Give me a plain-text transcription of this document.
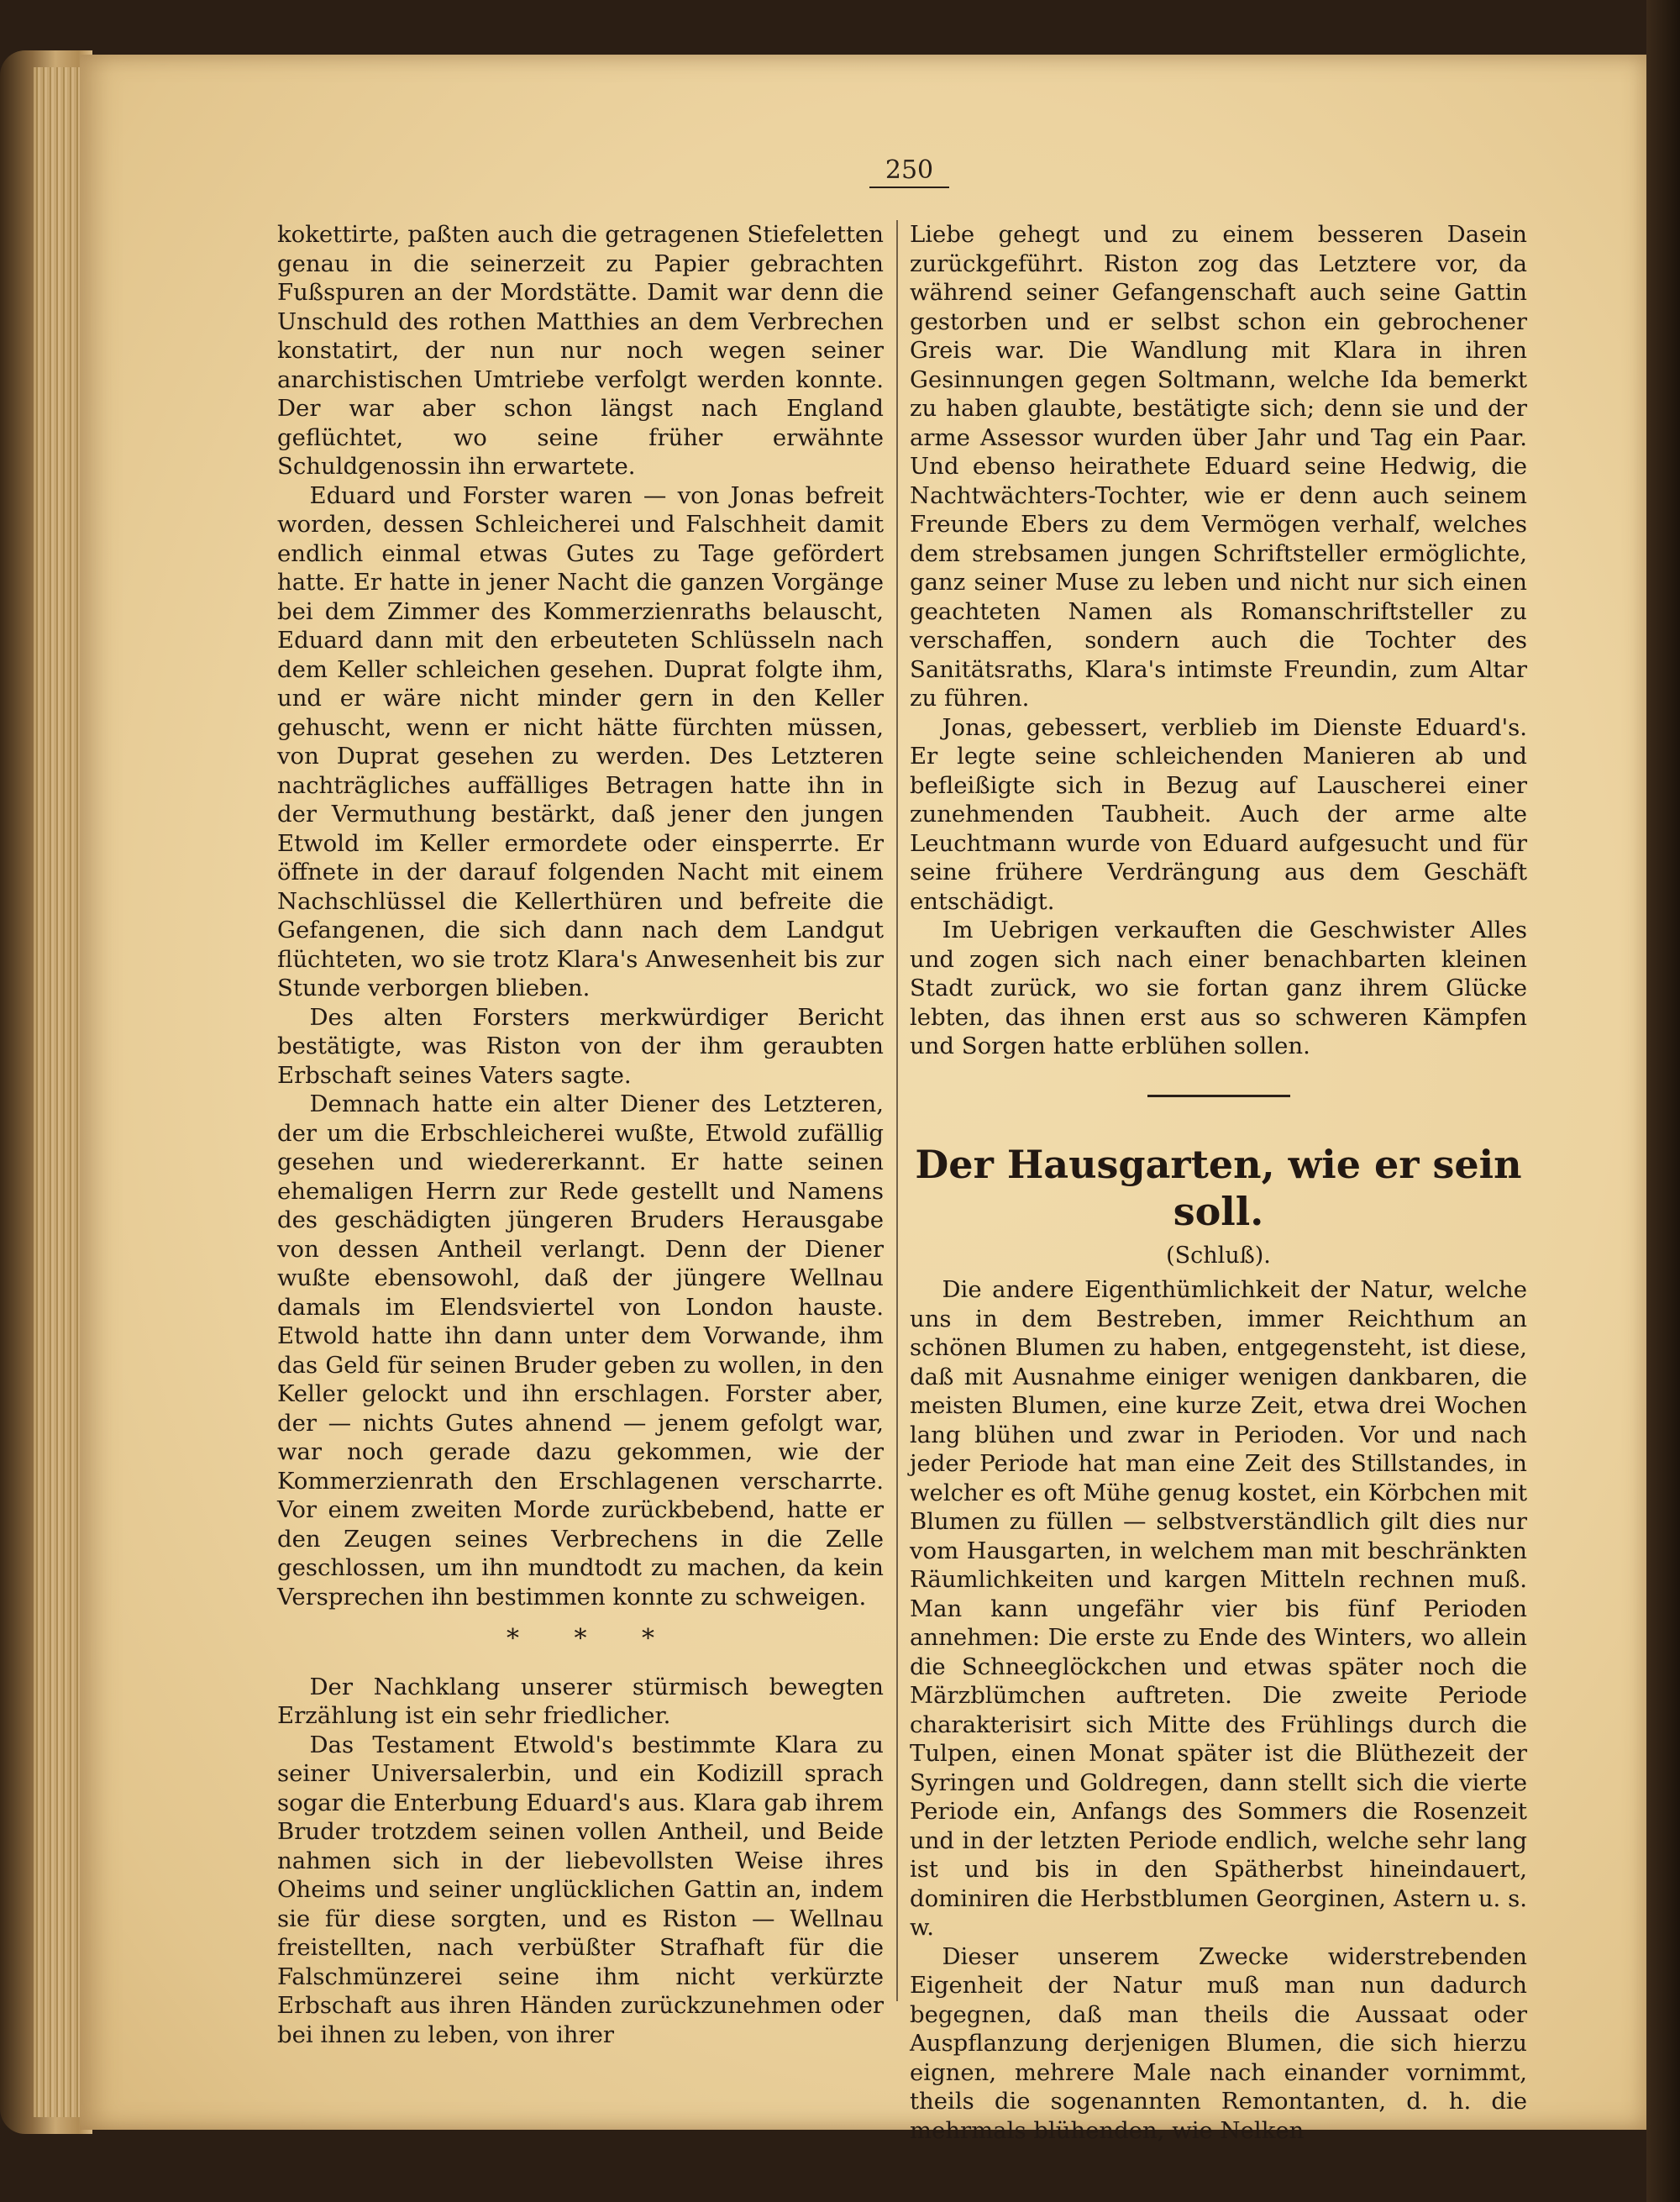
250

kokettirte, paßten auch die getragenen Stiefeletten genau in die seinerzeit zu Papier gebrachten Fußspuren an der Mordstätte. Damit war denn die Unschuld des rothen Matthies an dem Verbrechen konstatirt, der nun nur noch wegen seiner anarchistischen Umtriebe verfolgt werden konnte. Der war aber schon längst nach England geflüchtet, wo seine früher erwähnte Schuldgenossin ihn erwartete.

Eduard und Forster waren — von Jonas befreit worden, dessen Schleicherei und Falschheit damit endlich einmal etwas Gutes zu Tage gefördert hatte. Er hatte in jener Nacht die ganzen Vorgänge bei dem Zimmer des Kommerzienraths belauscht, Eduard dann mit den erbeuteten Schlüsseln nach dem Keller schleichen gesehen. Duprat folgte ihm, und er wäre nicht minder gern in den Keller gehuscht, wenn er nicht hätte fürchten müssen, von Duprat gesehen zu werden. Des Letzteren nachträgliches auffälliges Betragen hatte ihn in der Vermuthung bestärkt, daß jener den jungen Etwold im Keller ermordete oder einsperrte. Er öffnete in der darauf folgenden Nacht mit einem Nachschlüssel die Kellerthüren und befreite die Gefangenen, die sich dann nach dem Landgut flüchteten, wo sie trotz Klara's Anwesenheit bis zur Stunde verborgen blieben.

Des alten Forsters merkwürdiger Bericht bestätigte, was Riston von der ihm geraubten Erbschaft seines Vaters sagte.

Demnach hatte ein alter Diener des Letzteren, der um die Erbschleicherei wußte, Etwold zufällig gesehen und wiedererkannt. Er hatte seinen ehemaligen Herrn zur Rede gestellt und Namens des geschädigten jüngeren Bruders Herausgabe von dessen Antheil verlangt. Denn der Diener wußte ebensowohl, daß der jüngere Wellnau damals im Elendsviertel von London hauste. Etwold hatte ihn dann unter dem Vorwande, ihm das Geld für seinen Bruder geben zu wollen, in den Keller gelockt und ihn erschlagen. Forster aber, der — nichts Gutes ahnend — jenem gefolgt war, war noch gerade dazu gekommen, wie der Kommerzienrath den Erschlagenen verscharrte. Vor einem zweiten Morde zurückbebend, hatte er den Zeugen seines Verbrechens in die Zelle geschlossen, um ihn mundtodt zu machen, da kein Versprechen ihn bestimmen konnte zu schweigen.

* * *

Der Nachklang unserer stürmisch bewegten Erzählung ist ein sehr friedlicher.

Das Testament Etwold's bestimmte Klara zu seiner Universalerbin, und ein Kodizill sprach sogar die Enterbung Eduard's aus. Klara gab ihrem Bruder trotzdem seinen vollen Antheil, und Beide nahmen sich in der liebevollsten Weise ihres Oheims und seiner unglücklichen Gattin an, indem sie für diese sorgten, und es Riston — Wellnau freistellten, nach verbüßter Strafhaft für die Falschmünzerei seine ihm nicht verkürzte Erbschaft aus ihren Händen zurückzunehmen oder bei ihnen zu leben, von ihrer

Liebe gehegt und zu einem besseren Dasein zurückgeführt. Riston zog das Letztere vor, da während seiner Gefangenschaft auch seine Gattin gestorben und er selbst schon ein gebrochener Greis war. Die Wandlung mit Klara in ihren Gesinnungen gegen Soltmann, welche Ida bemerkt zu haben glaubte, bestätigte sich; denn sie und der arme Assessor wurden über Jahr und Tag ein Paar. Und ebenso heirathete Eduard seine Hedwig, die Nachtwächters-Tochter, wie er denn auch seinem Freunde Ebers zu dem Vermögen verhalf, welches dem strebsamen jungen Schriftsteller ermöglichte, ganz seiner Muse zu leben und nicht nur sich einen geachteten Namen als Romanschriftsteller zu verschaffen, sondern auch die Tochter des Sanitätsraths, Klara's intimste Freundin, zum Altar zu führen.

Jonas, gebessert, verblieb im Dienste Eduard's. Er legte seine schleichenden Manieren ab und befleißigte sich in Bezug auf Lauscherei einer zunehmenden Taubheit. Auch der arme alte Leuchtmann wurde von Eduard aufgesucht und für seine frühere Verdrängung aus dem Geschäft entschädigt.

Im Uebrigen verkauften die Geschwister Alles und zogen sich nach einer benachbarten kleinen Stadt zurück, wo sie fortan ganz ihrem Glücke lebten, das ihnen erst aus so schweren Kämpfen und Sorgen hatte erblühen sollen.

Der Hausgarten, wie er sein soll.
(Schluß).

Die andere Eigenthümlichkeit der Natur, welche uns in dem Bestreben, immer Reichthum an schönen Blumen zu haben, entgegensteht, ist diese, daß mit Ausnahme einiger wenigen dankbaren, die meisten Blumen, eine kurze Zeit, etwa drei Wochen lang blühen und zwar in Perioden. Vor und nach jeder Periode hat man eine Zeit des Stillstandes, in welcher es oft Mühe genug kostet, ein Körbchen mit Blumen zu füllen — selbstverständlich gilt dies nur vom Hausgarten, in welchem man mit beschränkten Räumlichkeiten und kargen Mitteln rechnen muß. Man kann ungefähr vier bis fünf Perioden annehmen: Die erste zu Ende des Winters, wo allein die Schneeglöckchen und etwas später noch die Märzblümchen auftreten. Die zweite Periode charakterisirt sich Mitte des Frühlings durch die Tulpen, einen Monat später ist die Blüthezeit der Syringen und Goldregen, dann stellt sich die vierte Periode ein, Anfangs des Sommers die Rosenzeit und in der letzten Periode endlich, welche sehr lang ist und bis in den Spätherbst hineindauert, dominiren die Herbstblumen Georginen, Astern u. s. w.

Dieser unserem Zwecke widerstrebenden Eigenheit der Natur muß man nun dadurch begegnen, daß man theils die Aussaat oder Auspflanzung derjenigen Blumen, die sich hierzu eignen, mehrere Male nach einander vornimmt, theils die sogenannten Remontanten, d. h. die mehrmals blühenden, wie Nelken
